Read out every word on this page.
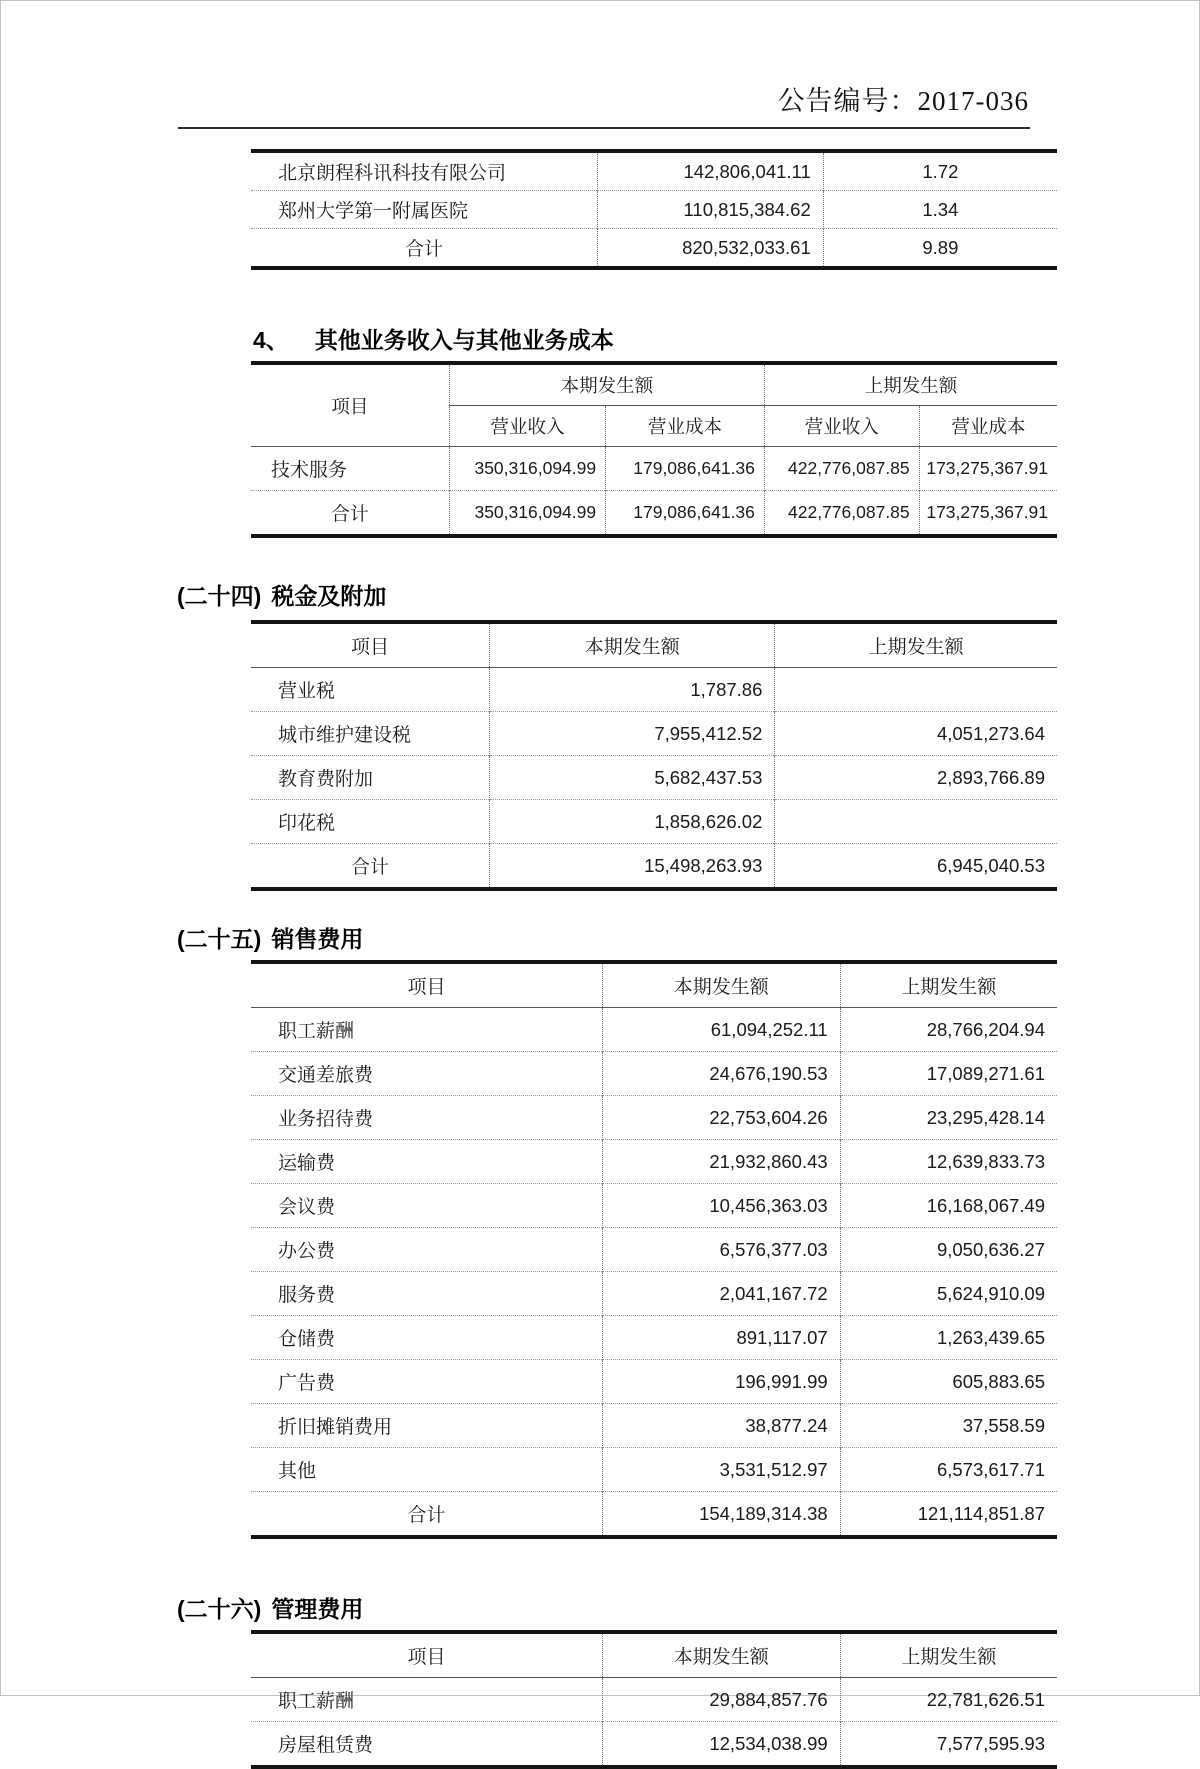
公告编号：2017-036
北京朗程科讯科技有限公司	142,806,041.11	1.72
郑州大学第一附属医院	110,815,384.62	1.34
合计	820,532,033.61	9.89
4、 其他业务收入与其他业务成本
项目	本期发生额		上期发生额	
	营业收入	营业成本	营业收入	营业成本
技术服务	350,316,094.99	179,086,641.36	422,776,087.85	173,275,367.91
合计	350,316,094.99	179,086,641.36	422,776,087.85	173,275,367.91
(二十四) 税金及附加
项目	本期发生额	上期发生额
营业税	1,787.86	
城市维护建设税	7,955,412.52	4,051,273.64
教育费附加	5,682,437.53	2,893,766.89
印花税	1,858,626.02	
合计	15,498,263.93	6,945,040.53
(二十五) 销售费用
项目	本期发生额	上期发生额
职工薪酬	61,094,252.11	28,766,204.94
交通差旅费	24,676,190.53	17,089,271.61
业务招待费	22,753,604.26	23,295,428.14
运输费	21,932,860.43	12,639,833.73
会议费	10,456,363.03	16,168,067.49
办公费	6,576,377.03	9,050,636.27
服务费	2,041,167.72	5,624,910.09
仓储费	891,117.07	1,263,439.65
广告费	196,991.99	605,883.65
折旧摊销费用	38,877.24	37,558.59
其他	3,531,512.97	6,573,617.71
合计	154,189,314.38	121,114,851.87
(二十六) 管理费用
项目	本期发生额	上期发生额
职工薪酬	29,884,857.76	22,781,626.51
房屋租赁费	12,534,038.99	7,577,595.93
